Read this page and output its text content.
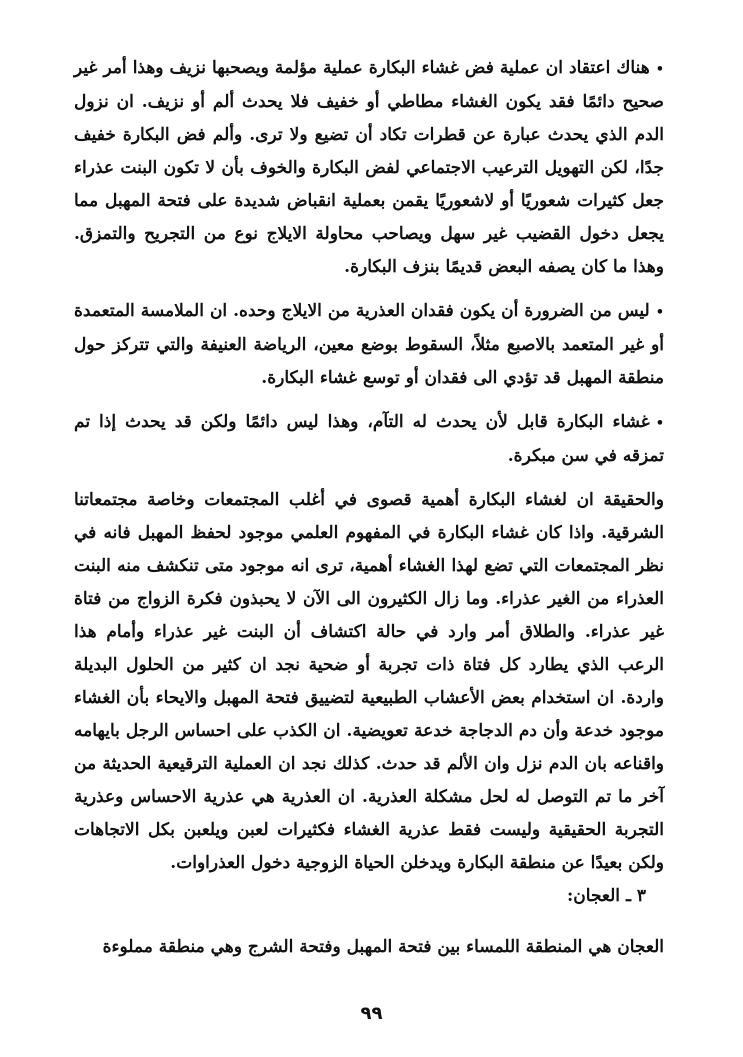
•هناك اعتقاد ان عملية فض غشاء البكارة عملية مؤلمة ويصحبها نزيف وهذا أمر غير صحيح دائمًا فقد يكون الغشاء مطاطي أو خفيف فلا يحدث ألم أو نزيف. ان نزول الدم الذي يحدث عبارة عن قطرات تكاد أن تضيع ولا ترى. وألم فض البكارة خفيف جدًا، لكن التهويل الترعيب الاجتماعي لفض البكارة والخوف بأن لا تكون البنت عذراء جعل كثيرات شعوريًا أو لاشعوريًا يقمن بعملية انقباض شديدة على فتحة المهبل مما يجعل دخول القضيب غير سهل ويصاحب محاولة الايلاج نوع من التجريح والتمزق. وهذا ما كان يصفه البعض قديمًا بنزف البكارة.

•ليس من الضرورة أن يكون فقدان العذرية من الايلاج وحده. ان الملامسة المتعمدة أو غير المتعمد بالاصبع مثلاً، السقوط بوضع معين، الرياضة العنيفة والتي تتركز حول منطقة المهبل قد تؤدي الى فقدان أو توسع غشاء البكارة.

•غشاء البكارة قابل لأن يحدث له التآم، وهذا ليس دائمًا ولكن قد يحدث إذا تم تمزقه في سن مبكرة.

والحقيقة ان لغشاء البكارة أهمية قصوى في أغلب المجتمعات وخاصة مجتمعاتنا الشرقية. واذا كان غشاء البكارة في المفهوم العلمي موجود لحفظ المهبل فانه في نظر المجتمعات التي تضع لهذا الغشاء أهمية، ترى انه موجود متى تنكشف منه البنت العذراء من الغير عذراء. وما زال الكثيرون الى الآن لا يحبذون فكرة الزواج من فتاة غير عذراء. والطلاق أمر وارد في حالة اكتشاف أن البنت غير عذراء وأمام هذا الرعب الذي يطارد كل فتاة ذات تجربة أو ضحية نجد ان كثير من الحلول البديلة واردة. ان استخدام بعض الأعشاب الطبيعية لتضييق فتحة المهبل والايحاء بأن الغشاء موجود خدعة وأن دم الدجاجة خدعة تعويضية. ان الكذب على احساس الرجل بايهامه واقناعه بان الدم نزل وان الألم قد حدث. كذلك نجد ان العملية الترقيعية الحديثة من آخر ما تم التوصل له لحل مشكلة العذرية. ان العذرية هي عذرية الاحساس وعذرية التجربة الحقيقية وليست فقط عذرية الغشاء فكثيرات لعبن ويلعبن بكل الاتجاهات ولكن بعيدًا عن منطقة البكارة ويدخلن الحياة الزوجية دخول العذراوات.

٣ ـ العجان:

العجان هي المنطقة اللمساء بين فتحة المهبل وفتحة الشرج وهي منطقة مملوءة

٩٩
